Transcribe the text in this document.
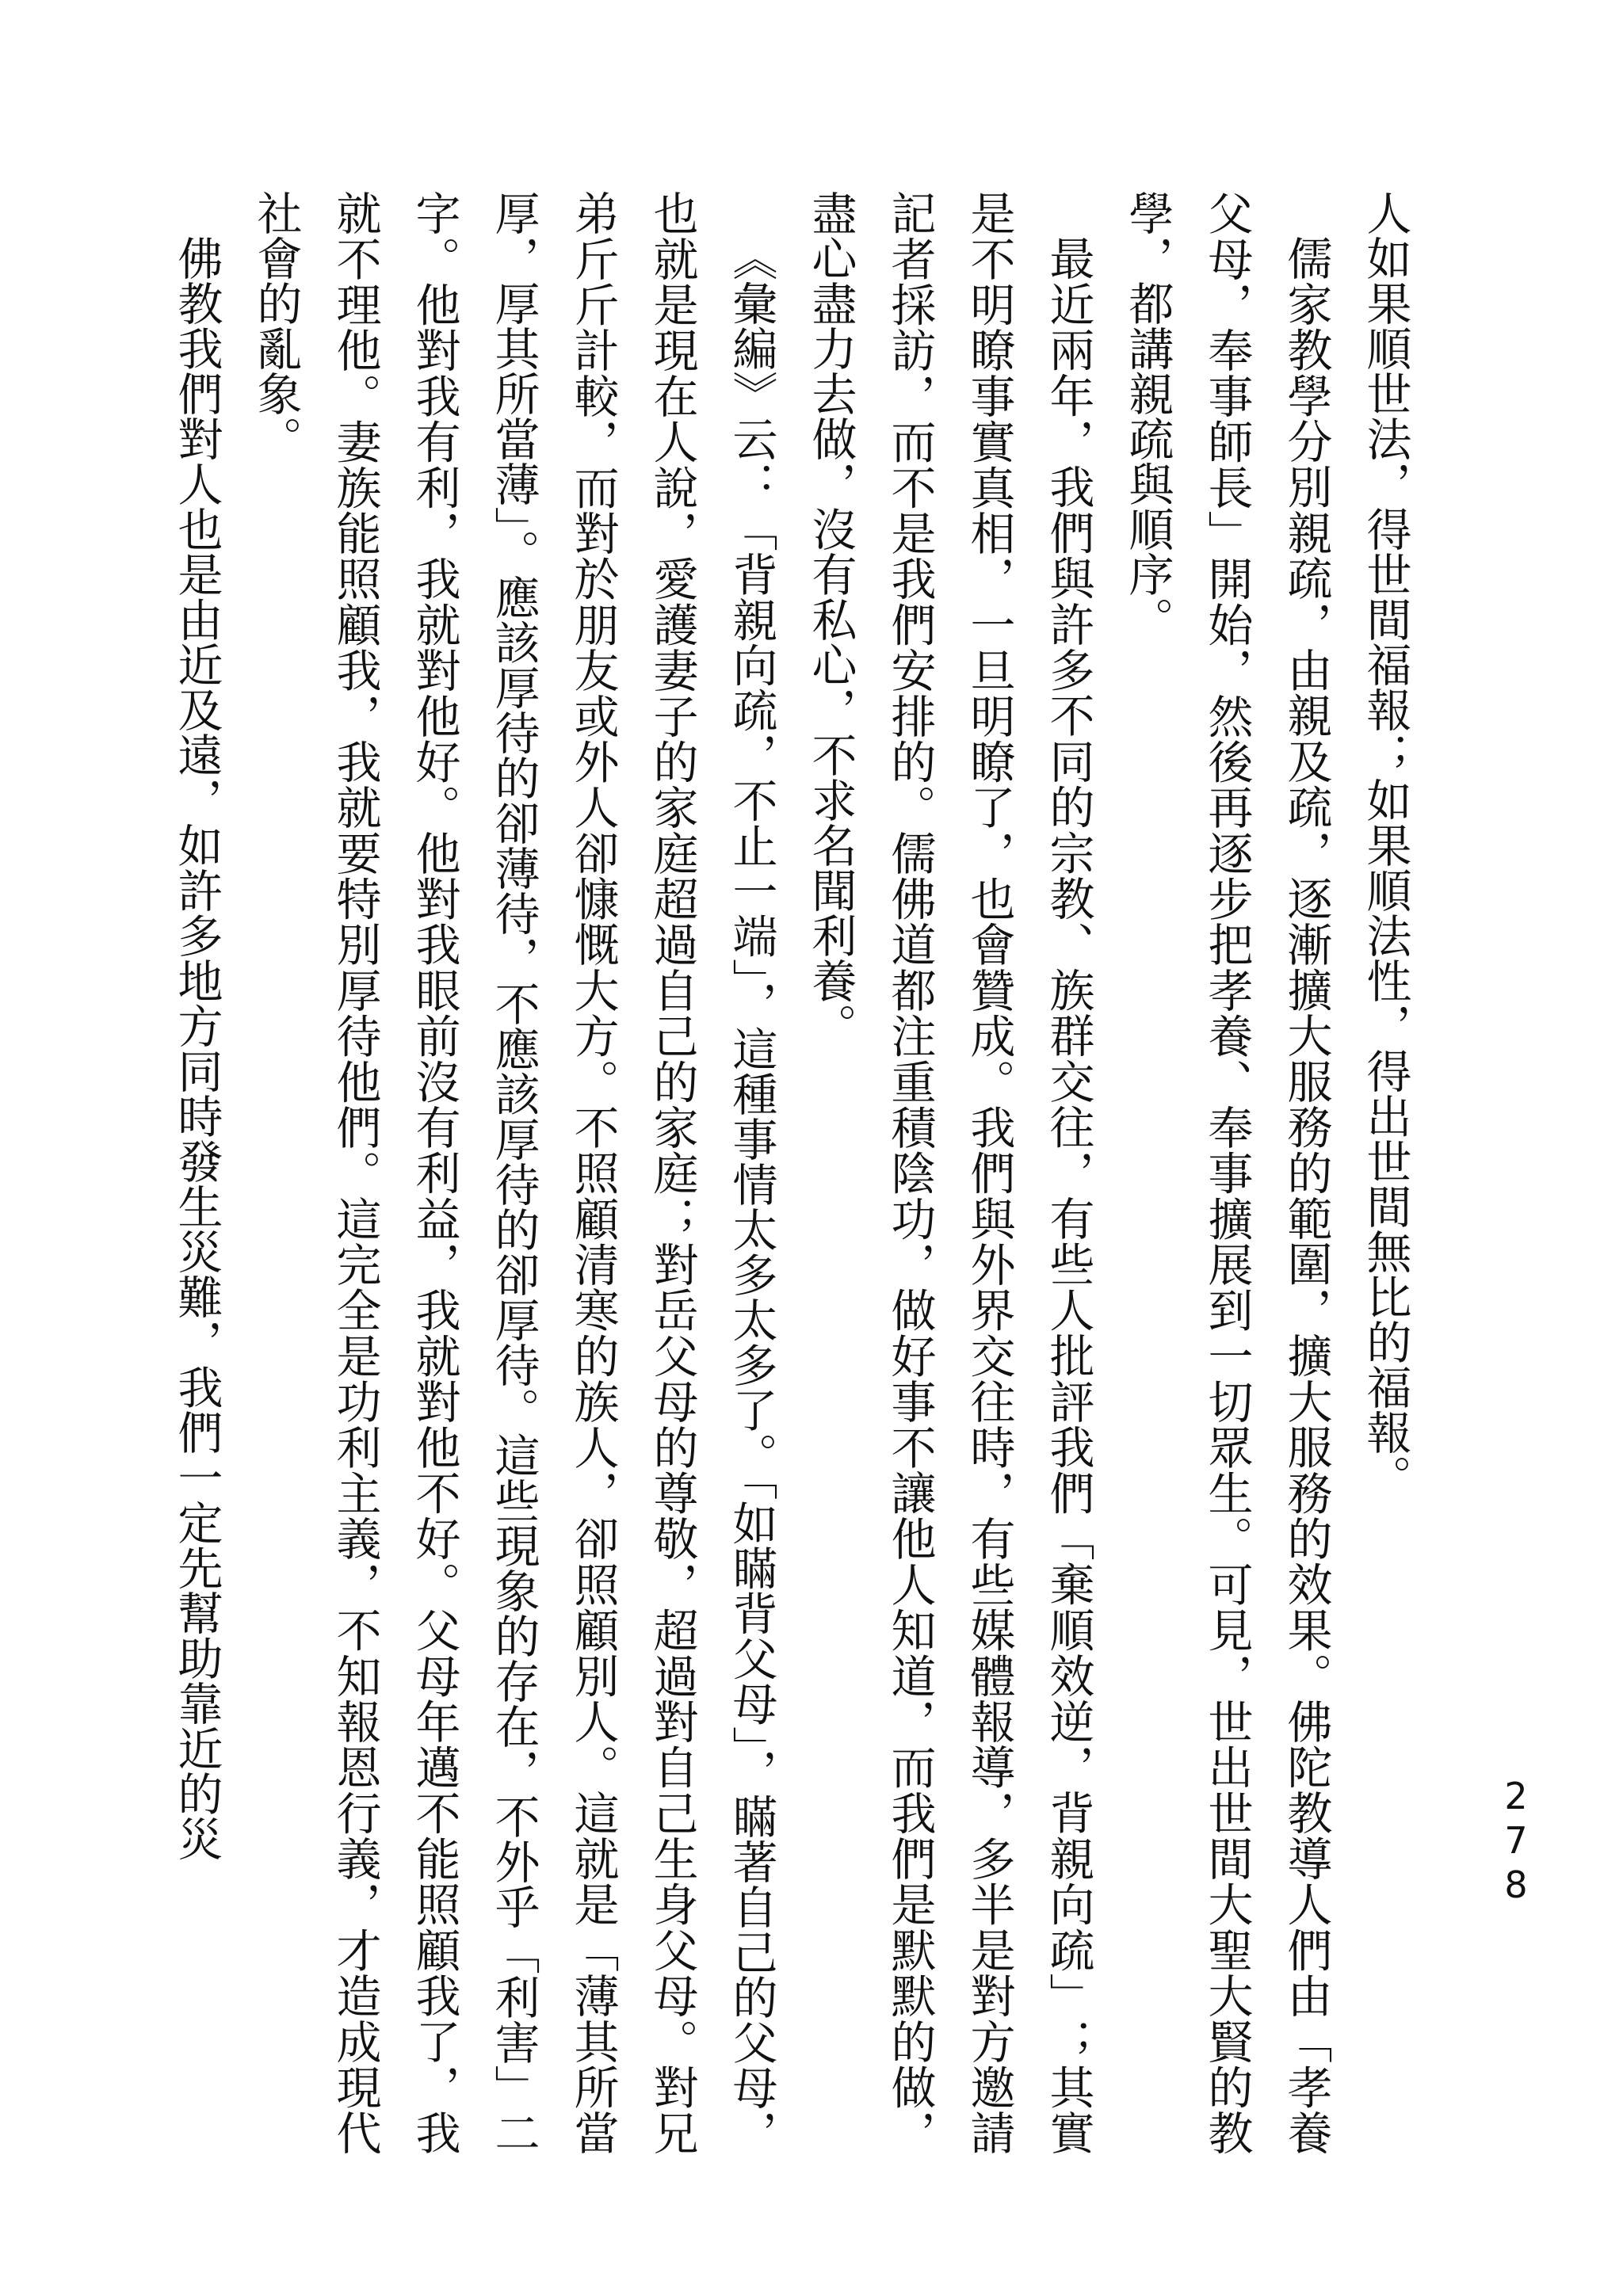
278

人如果順世法，得世間福報；如果順法性，得出世間無比的福報。

儒家教學分別親疏，由親及疏，逐漸擴大服務的範圍，擴大服務的效果。佛陀教導人們由「孝養父母，奉事師長」開始，然後再逐步把孝養、奉事擴展到一切眾生。可見，世出世間大聖大賢的教學，都講親疏與順序。

最近兩年，我們與許多不同的宗教、族群交往，有些人批評我們「棄順效逆，背親向疏」；其實是不明瞭事實真相，一旦明瞭了，也會贊成。我們與外界交往時，有些媒體報導，多半是對方邀請記者採訪，而不是我們安排的。儒佛道都注重積陰功，做好事不讓他人知道，而我們是默默的做，盡心盡力去做，沒有私心，不求名聞利養。

《彙編》云：「背親向疏，不止一端」，這種事情太多太多了。「如瞞背父母」，瞞著自己的父母，也就是現在人說，愛護妻子的家庭超過自己的家庭；對岳父母的尊敬，超過對自己生身父母。對兄弟斤斤計較，而對於朋友或外人卻慷慨大方。不照顧清寒的族人，卻照顧別人。這就是「薄其所當厚，厚其所當薄」。應該厚待的卻薄待，不應該厚待的卻厚待。這些現象的存在，不外乎「利害」二字。他對我有利，我就對他好。他對我眼前沒有利益，我就對他不好。父母年邁不能照顧我了，我就不理他。妻族能照顧我，我就要特別厚待他們。這完全是功利主義，不知報恩行義，才造成現代社會的亂象。

佛教我們對人也是由近及遠，如許多地方同時發生災難，我們一定先幫助靠近的災
